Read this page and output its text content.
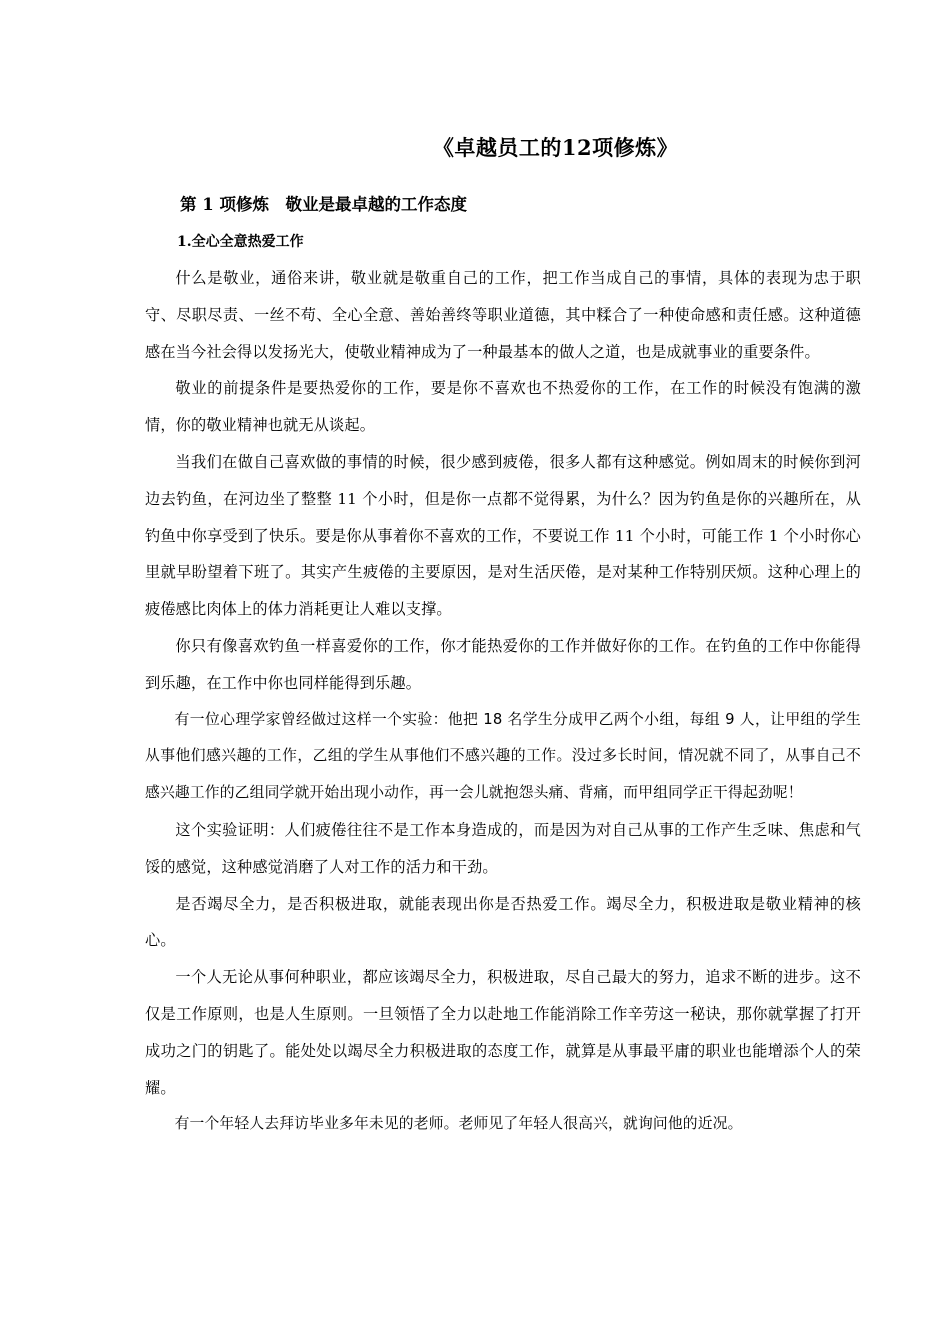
《卓越员工的12项修炼》
第 1 项修炼　敬业是最卓越的工作态度
1.全心全意热爱工作

什么是敬业，通俗来讲，敬业就是敬重自己的工作，把工作当成自己的事情，具体的表现为忠于职守、尽职尽责、一丝不苟、全心全意、善始善终等职业道德，其中糅合了一种使命感和责任感。这种道德感在当今社会得以发扬光大，使敬业精神成为了一种最基本的做人之道，也是成就事业的重要条件。

敬业的前提条件是要热爱你的工作，要是你不喜欢也不热爱你的工作，在工作的时候没有饱满的激情，你的敬业精神也就无从谈起。

当我们在做自己喜欢做的事情的时候，很少感到疲倦，很多人都有这种感觉。例如周末的时候你到河边去钓鱼，在河边坐了整整 11 个小时，但是你一点都不觉得累，为什么？因为钓鱼是你的兴趣所在，从钓鱼中你享受到了快乐。要是你从事着你不喜欢的工作，不要说工作 11 个小时，可能工作 1 个小时你心里就早盼望着下班了。其实产生疲倦的主要原因，是对生活厌倦，是对某种工作特别厌烦。这种心理上的疲倦感比肉体上的体力消耗更让人难以支撑。

你只有像喜欢钓鱼一样喜爱你的工作，你才能热爱你的工作并做好你的工作。在钓鱼的工作中你能得到乐趣，在工作中你也同样能得到乐趣。

有一位心理学家曾经做过这样一个实验：他把 18 名学生分成甲乙两个小组，每组 9 人，让甲组的学生从事他们感兴趣的工作，乙组的学生从事他们不感兴趣的工作。没过多长时间，情况就不同了，从事自己不感兴趣工作的乙组同学就开始出现小动作，再一会儿就抱怨头痛、背痛，而甲组同学正干得起劲呢！

这个实验证明：人们疲倦往往不是工作本身造成的，而是因为对自己从事的工作产生乏味、焦虑和气馁的感觉，这种感觉消磨了人对工作的活力和干劲。

是否竭尽全力，是否积极进取，就能表现出你是否热爱工作。竭尽全力，积极进取是敬业精神的核心。

一个人无论从事何种职业，都应该竭尽全力，积极进取，尽自己最大的努力，追求不断的进步。这不仅是工作原则，也是人生原则。一旦领悟了全力以赴地工作能消除工作辛劳这一秘诀，那你就掌握了打开成功之门的钥匙了。能处处以竭尽全力积极进取的态度工作，就算是从事最平庸的职业也能增添个人的荣耀。

有一个年轻人去拜访毕业多年未见的老师。老师见了年轻人很高兴，就询问他的近况。
